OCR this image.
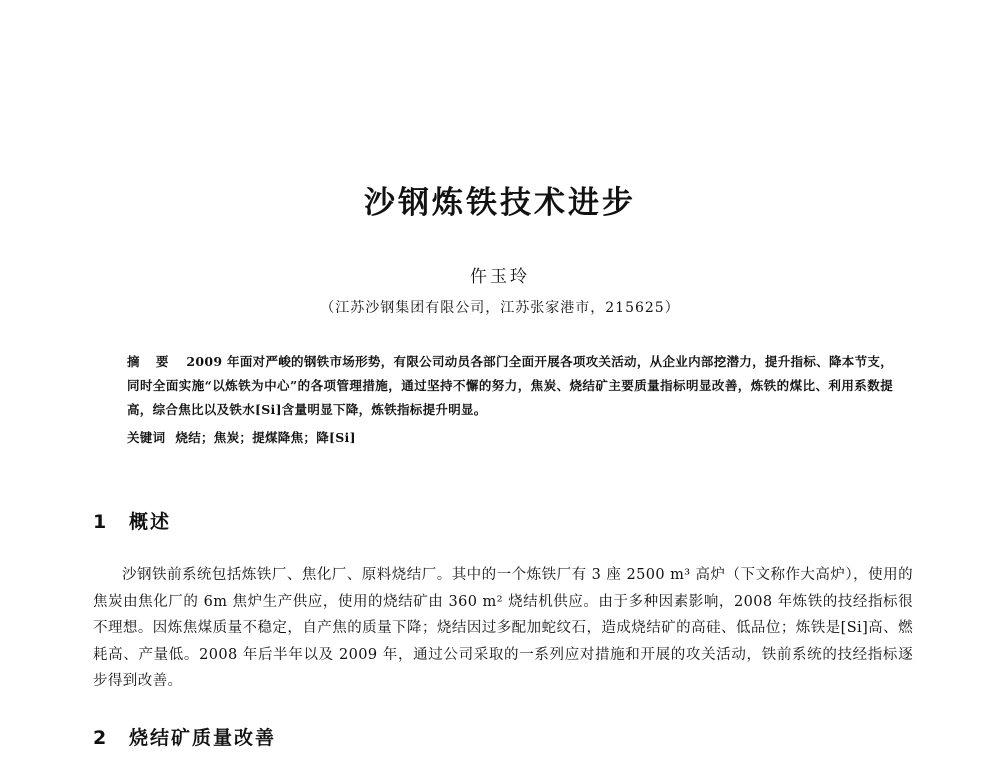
沙钢炼铁技术进步
仵玉玲
（江苏沙钢集团有限公司，江苏张家港市，215625）
摘 要 2009 年面对严峻的钢铁市场形势，有限公司动员各部门全面开展各项攻关活动，从企业内部挖潜力，提升指标、降本节支，同时全面实施“以炼铁为中心”的各项管理措施，通过坚持不懈的努力，焦炭、烧结矿主要质量指标明显改善，炼铁的煤比、利用系数提高，综合焦比以及铁水[Si]含量明显下降，炼铁指标提升明显。
关键词 烧结；焦炭；提煤降焦；降[Si]
1 概述
沙钢铁前系统包括炼铁厂、焦化厂、原料烧结厂。其中的一个炼铁厂有 3 座 2500 m³ 高炉（下文称作大高炉），使用的焦炭由焦化厂的 6m 焦炉生产供应，使用的烧结矿由 360 m² 烧结机供应。由于多种因素影响，2008 年炼铁的技经指标很不理想。因炼焦煤质量不稳定，自产焦的质量下降；烧结因过多配加蛇纹石，造成烧结矿的高硅、低品位；炼铁是[Si]高、燃耗高、产量低。2008 年后半年以及 2009 年，通过公司采取的一系列应对措施和开展的攻关活动，铁前系统的技经指标逐步得到改善。
2 烧结矿质量改善
